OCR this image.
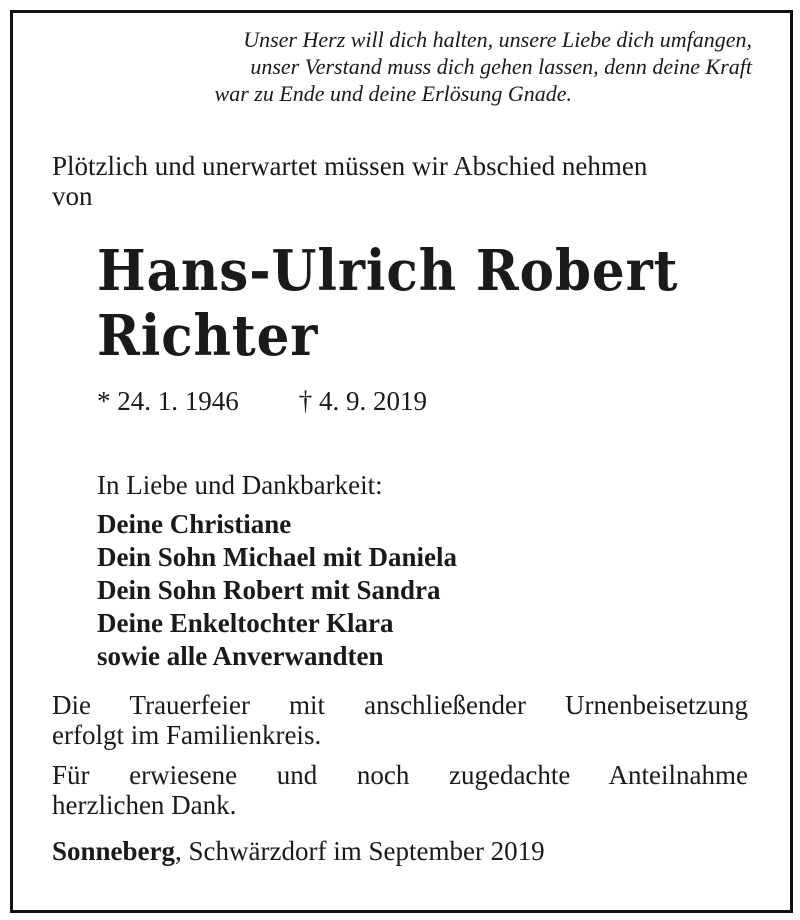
Unser Herz will dich halten, unsere Liebe dich umfangen,
unser Verstand muss dich gehen lassen, denn deine Kraft
war zu Ende und deine Erlösung Gnade.
Plötzlich und unerwartet müssen wir Abschied nehmen
von
Hans-Ulrich Robert
Richter
* 24. 1. 1946 † 4. 9. 2019
In Liebe und Dankbarkeit:
Deine Christiane
Dein Sohn Michael mit Daniela
Dein Sohn Robert mit Sandra
Deine Enkeltochter Klara
sowie alle Anverwandten
Die Trauerfeier mit anschließender Urnenbeisetzung
erfolgt im Familienkreis.
Für erwiesene und noch zugedachte Anteilnahme
herzlichen Dank.
Sonneberg, Schwärzdorf im September 2019
